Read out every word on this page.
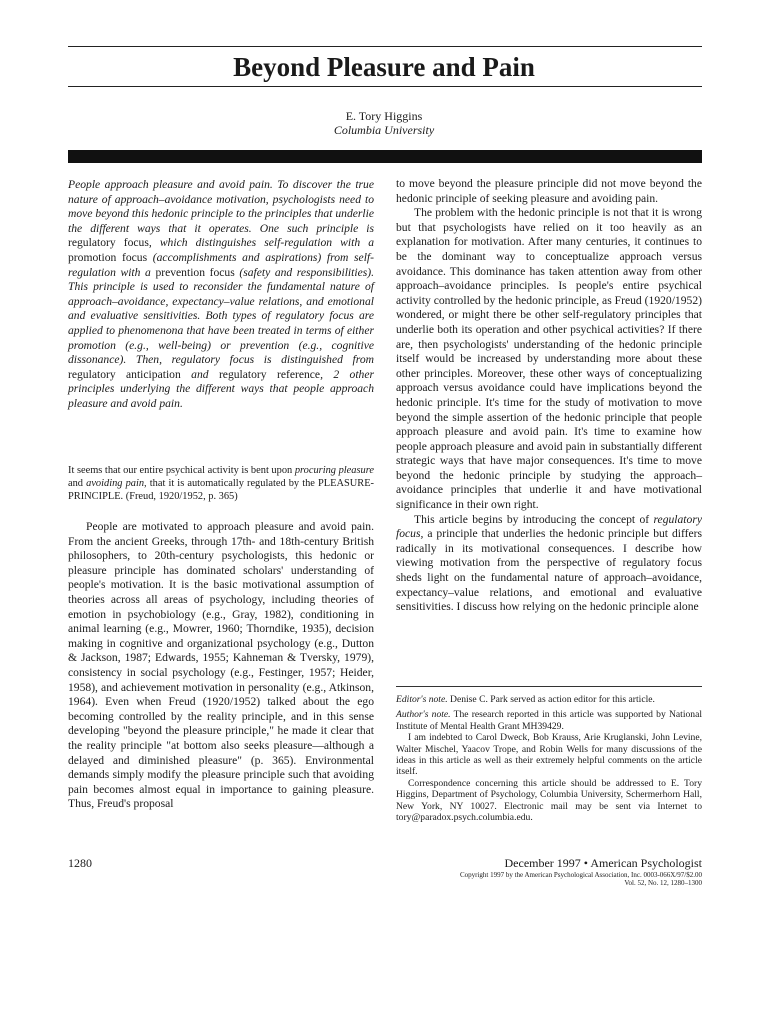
Beyond Pleasure and Pain
E. Tory Higgins
Columbia University
People approach pleasure and avoid pain. To discover the true nature of approach–avoidance motivation, psychologists need to move beyond this hedonic principle to the principles that underlie the different ways that it operates. One such principle is regulatory focus, which distinguishes self-regulation with a promotion focus (accomplishments and aspirations) from self-regulation with a prevention focus (safety and responsibilities). This principle is used to reconsider the fundamental nature of approach–avoidance, expectancy–value relations, and emotional and evaluative sensitivities. Both types of regulatory focus are applied to phenomenona that have been treated in terms of either promotion (e.g., well-being) or prevention (e.g., cognitive dissonance). Then, regulatory focus is distinguished from regulatory anticipation and regulatory reference, 2 other principles underlying the different ways that people approach pleasure and avoid pain.
It seems that our entire psychical activity is bent upon procuring pleasure and avoiding pain, that it is automatically regulated by the PLEASURE-PRINCIPLE. (Freud, 1920/1952, p. 365)

People are motivated to approach pleasure and avoid pain. From the ancient Greeks, through 17th- and 18th-century British philosophers, to 20th-century psychologists, this hedonic or pleasure principle has dominated scholars' understanding of people's motivation. It is the basic motivational assumption of theories across all areas of psychology, including theories of emotion in psychobiology (e.g., Gray, 1982), conditioning in animal learning (e.g., Mowrer, 1960; Thorndike, 1935), decision making in cognitive and organizational psychology (e.g., Dutton & Jackson, 1987; Edwards, 1955; Kahneman & Tversky, 1979), consistency in social psychology (e.g., Festinger, 1957; Heider, 1958), and achievement motivation in personality (e.g., Atkinson, 1964). Even when Freud (1920/1952) talked about the ego becoming controlled by the reality principle, and in this sense developing "beyond the pleasure principle," he made it clear that the reality principle "at bottom also seeks pleasure—although a delayed and diminished pleasure" (p. 365). Environmental demands simply modify the pleasure principle such that avoiding pain becomes almost equal in importance to gaining pleasure. Thus, Freud's proposal

to move beyond the pleasure principle did not move beyond the hedonic principle of seeking pleasure and avoiding pain.

The problem with the hedonic principle is not that it is wrong but that psychologists have relied on it too heavily as an explanation for motivation. After many centuries, it continues to be the dominant way to conceptualize approach versus avoidance. This dominance has taken attention away from other approach–avoidance principles. Is people's entire psychical activity controlled by the hedonic principle, as Freud (1920/1952) wondered, or might there be other self-regulatory principles that underlie both its operation and other psychical activities? If there are, then psychologists' understanding of the hedonic principle itself would be increased by understanding more about these other principles. Moreover, these other ways of conceptualizing approach versus avoidance could have implications beyond the hedonic principle. It's time for the study of motivation to move beyond the simple assertion of the hedonic principle that people approach pleasure and avoid pain. It's time to examine how people approach pleasure and avoid pain in substantially different strategic ways that have major consequences. It's time to move beyond the hedonic principle by studying the approach–avoidance principles that underlie it and have motivational significance in their own right.

This article begins by introducing the concept of regulatory focus, a principle that underlies the hedonic principle but differs radically in its motivational consequences. I describe how viewing motivation from the perspective of regulatory focus sheds light on the fundamental nature of approach–avoidance, expectancy–value relations, and emotional and evaluative sensitivities. I discuss how relying on the hedonic principle alone

Editor's note. Denise C. Park served as action editor for this article.

Author's note. The research reported in this article was supported by National Institute of Mental Health Grant MH39429.

I am indebted to Carol Dweck, Bob Krauss, Arie Kruglanski, John Levine, Walter Mischel, Yaacov Trope, and Robin Wells for many discussions of the ideas in this article as well as their extremely helpful comments on the article itself.

Correspondence concerning this article should be addressed to E. Tory Higgins, Department of Psychology, Columbia University, Schermerhorn Hall, New York, NY 10027. Electronic mail may be sent via Internet to tory@paradox.psych.columbia.edu.

1280	December 1997 • American Psychologist
Copyright 1997 by the American Psychological Association, Inc. 0003-066X/97/$2.00
Vol. 52, No. 12, 1280–1300
